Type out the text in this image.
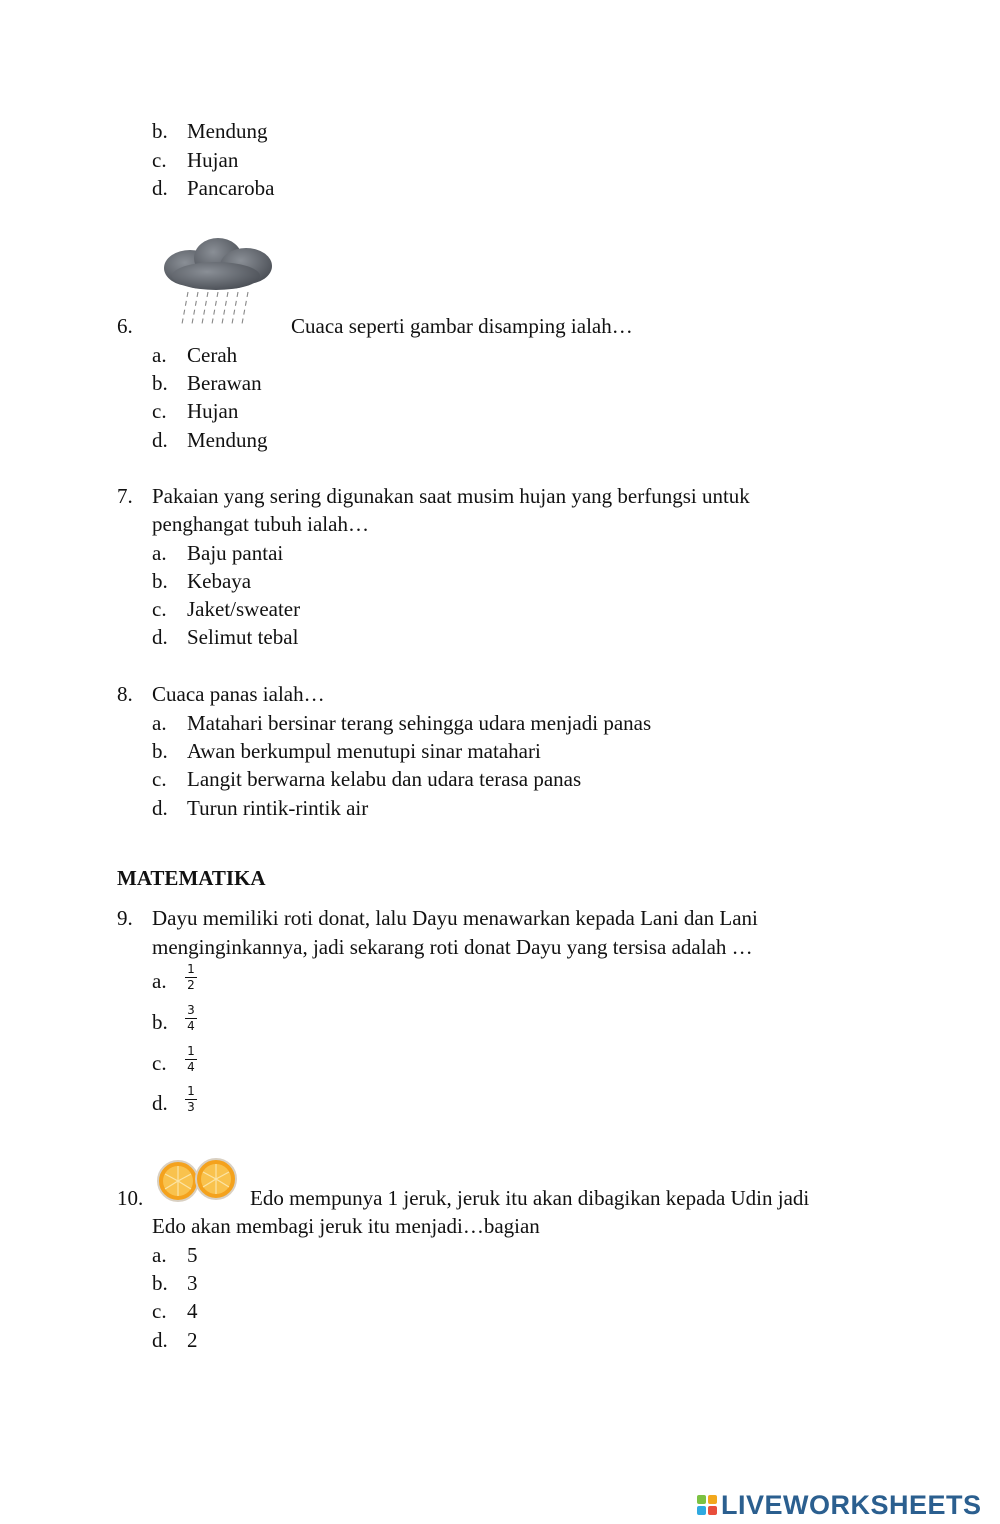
b. Mendung
c. Hujan
d. Pancaroba
6.	Cuaca seperti gambar disamping ialah…
a. Cerah
b. Berawan
c. Hujan
d. Mendung
7. Pakaian yang sering digunakan saat musim hujan yang berfungsi untuk
penghangat tubuh ialah…
a. Baju pantai
b. Kebaya
c. Jaket/sweater
d. Selimut tebal
8. Cuaca panas ialah…
a. Matahari bersinar terang sehingga udara menjadi panas
b. Awan berkumpul menutupi sinar matahari
c. Langit berwarna kelabu dan udara terasa panas
d. Turun rintik-rintik air
MATEMATIKA
9. Dayu memiliki roti donat, lalu Dayu menawarkan kepada Lani dan Lani
menginginkannya, jadi sekarang roti donat Dayu yang tersisa adalah …
a.	1
2
b.	3
4
c.	1
4
d.	1
3
10.	Edo mempunya 1 jeruk, jeruk itu akan dibagikan kepada Udin jadi
Edo akan membagi jeruk itu menjadi…bagian
a. 5
b. 3
c. 4
d. 2
LIVEWORKSHEETS
